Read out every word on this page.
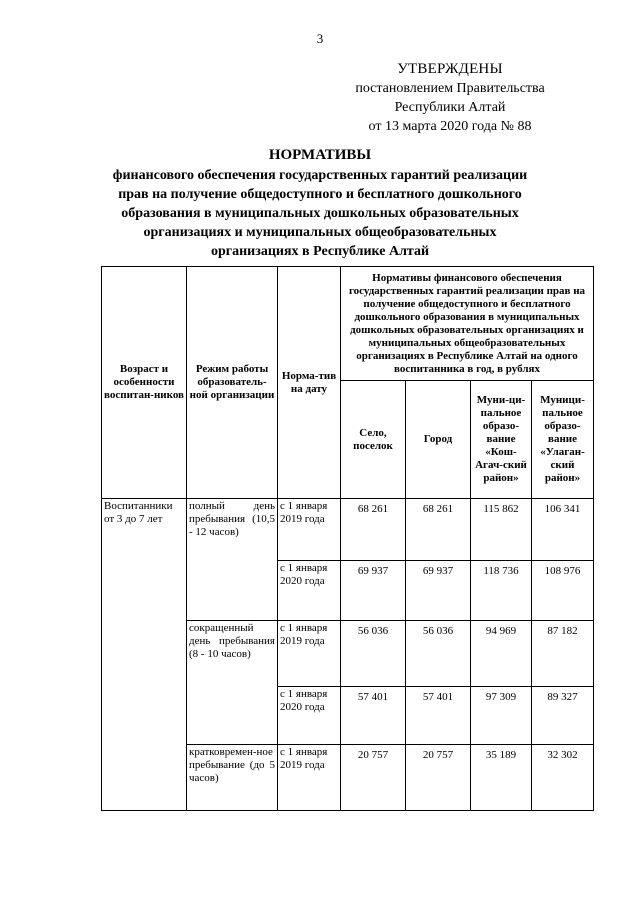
3
УТВЕРЖДЕНЫ
постановлением Правительства
Республики Алтай
от 13 марта 2020 года № 88
НОРМАТИВЫ
финансового обеспечения государственных гарантий реализации прав на получение общедоступного и бесплатного дошкольного образования в муниципальных дошкольных образовательных организациях и муниципальных общеобразовательных организациях в Республике Алтай
Возраст и особенности воспитан-ников	Режим работы образователь-ной организации	Норма-тив на дату	Нормативы финансового обеспечения государственных гарантий реализации прав на получение общедоступного и бесплатного дошкольного образования в муниципальных дошкольных образовательных организациях и муниципальных общеобразовательных организациях в Республике Алтай на одного воспитанника в год, в рублях			
			Село, поселок	Город	Муни-ци-пальное образо-вание «Кош-Агач-ский район»	Муници-пальное образо-вание «Улаган-ский район»
Воспитанники от 3 до 7 лет	полный день пребывания (10,5 - 12 часов)	с 1 января 2019 года	68 261	68 261	115 862	106 341
		с 1 января 2020 года	69 937	69 937	118 736	108 976
	сокращенный день пребывания (8 - 10 часов)	с 1 января 2019 года	56 036	56 036	94 969	87 182
		с 1 января 2020 года	57 401	57 401	97 309	89 327
	кратковремен-ное пребывание (до 5 часов)	с 1 января 2019 года	20 757	20 757	35 189	32 302
